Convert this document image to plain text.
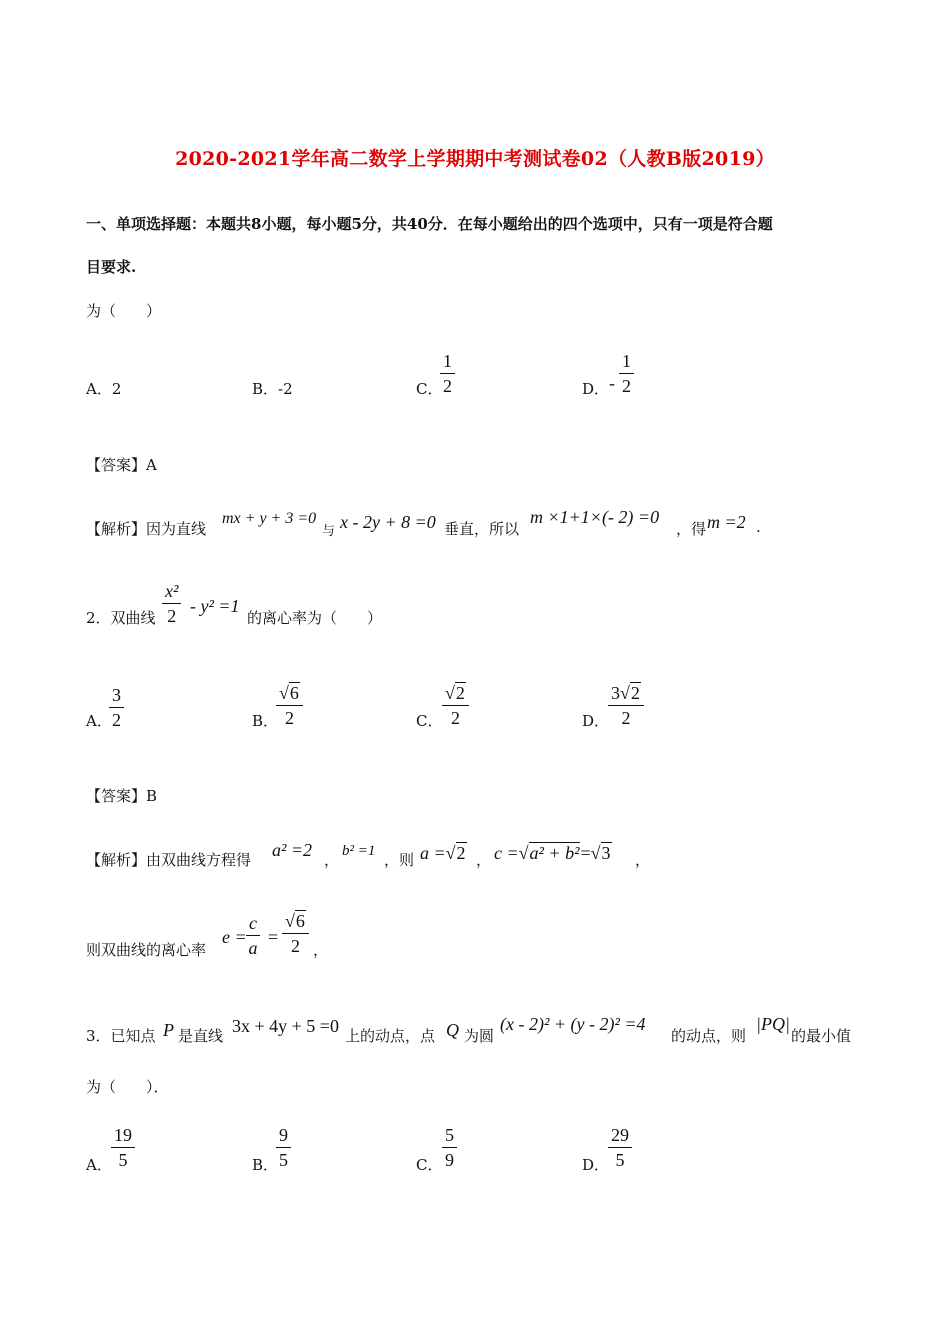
2020-2021学年高二数学上学期期中考测试卷02（人教B版2019）
一、单项选择题：本题共8小题，每小题5分，共40分．在每小题给出的四个选项中，只有一项是符合题
目要求.
为（　　）
A．2	B．-2	C．
$\frac{1}{2}$	D． - $\frac{1}{2}$
【答案】A
【解析】因为直线
mx + y + 3 =0
与 x - 2y + 8 =0 垂直，所以
m ×1+1×(- 2) =0
，得 m =2 .
2．双曲线 $\frac{\text{x²}}{2} - y^2 =1$
的离心率为（　　）
A．
$\frac{3}{2}$	B．
$\frac{√6}{2}$	C． $\frac{√2}{2}$	D．
$\frac{3√2}{2}$
【答案】B
【解析】由双曲线方程得 a² =2 ， b² =1 ，则 a =√2 ， c =√a² + b²=√3 ，
则双曲线的离心率
$e = \frac{c}{a} = \frac{√6}{2}$ ，
3．已知点 P 是直线 3x + 4y + 5 =0 上的动点，点 Q 为圆
(x - 2)² + (y - 2)² =4
的动点，则
|PQ|
的最小值
为（　　）．
A． $\frac{19}{5}$	B．
$\frac{9}{5}$	C． $\frac{5}{9}$	D．
$\frac{29}{5}$
